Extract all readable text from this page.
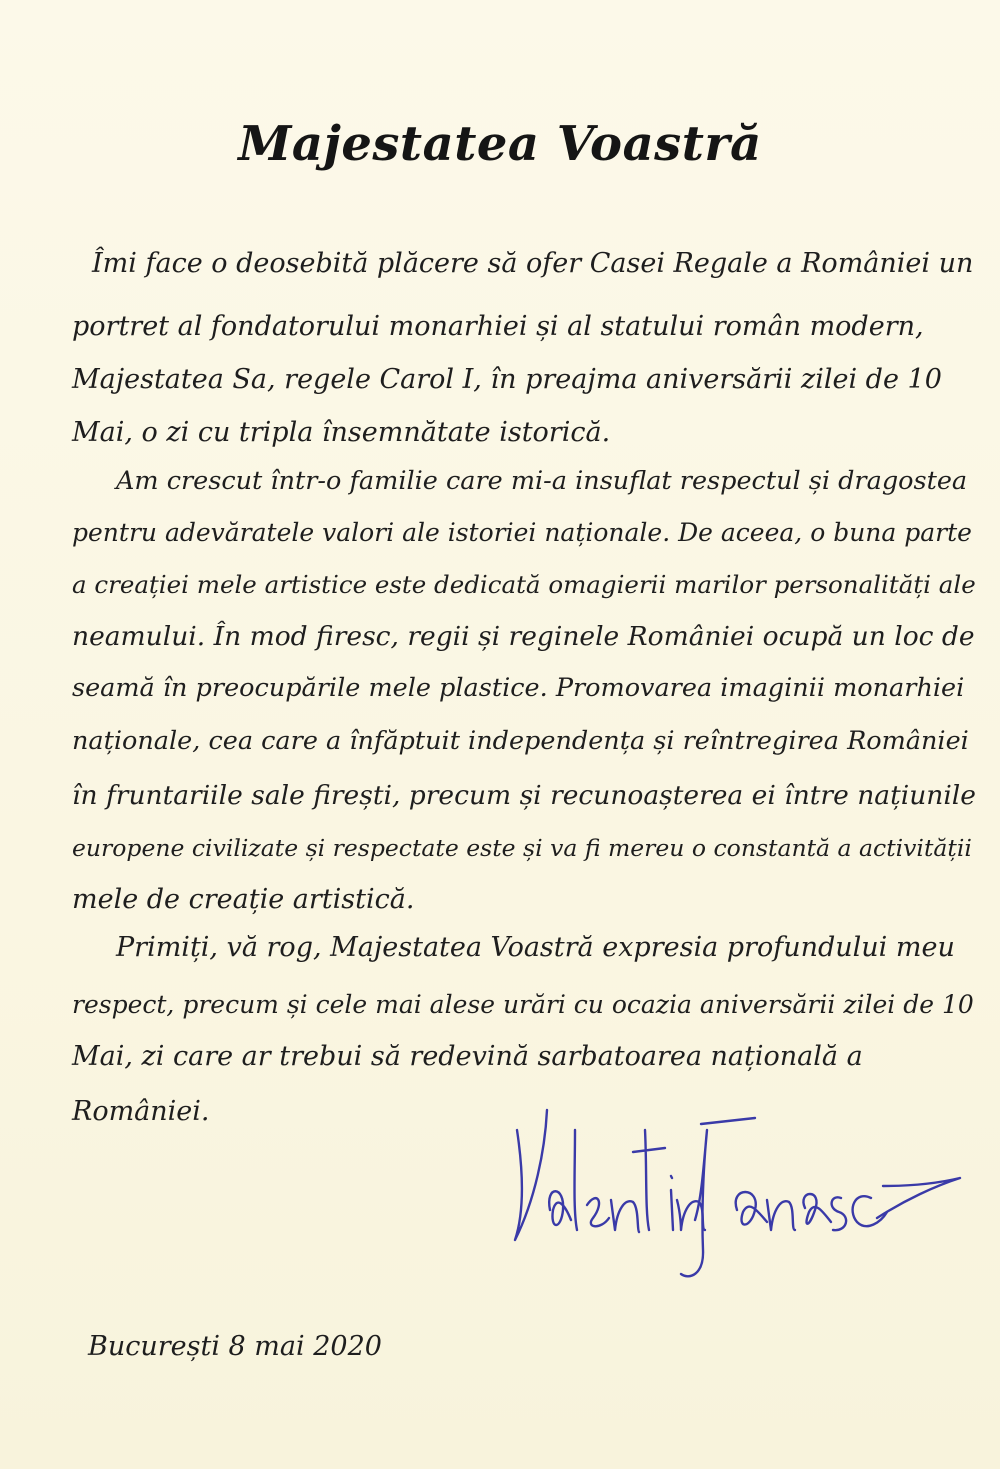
Majestatea Voastră
Îmi face o deosebită plăcere să ofer Casei Regale a României un
portret al fondatorului monarhiei și al statului român modern,
Majestatea Sa, regele Carol I, în preajma aniversării zilei de 10
Mai, o zi cu tripla însemnătate istorică.
Am crescut într-o familie care mi-a insuflat respectul și dragostea
pentru adevăratele valori ale istoriei naționale. De aceea, o buna parte
a creației mele artistice este dedicată omagierii marilor personalități ale
neamului. În mod firesc, regii și reginele României ocupă un loc de
seamă în preocupările mele plastice. Promovarea imaginii monarhiei
naționale, cea care a înfăptuit independența și reîntregirea României
în fruntariile sale firești, precum și recunoașterea ei între națiunile
europene civilizate și respectate este și va fi mereu o constantă a activității
mele de creație artistică.
Primiți, vă rog, Majestatea Voastră expresia profundului meu
respect, precum și cele mai alese urări cu ocazia aniversării zilei de 10
Mai, zi care ar trebui să redevină sarbatoarea națională a
României.
București 8 mai 2020
